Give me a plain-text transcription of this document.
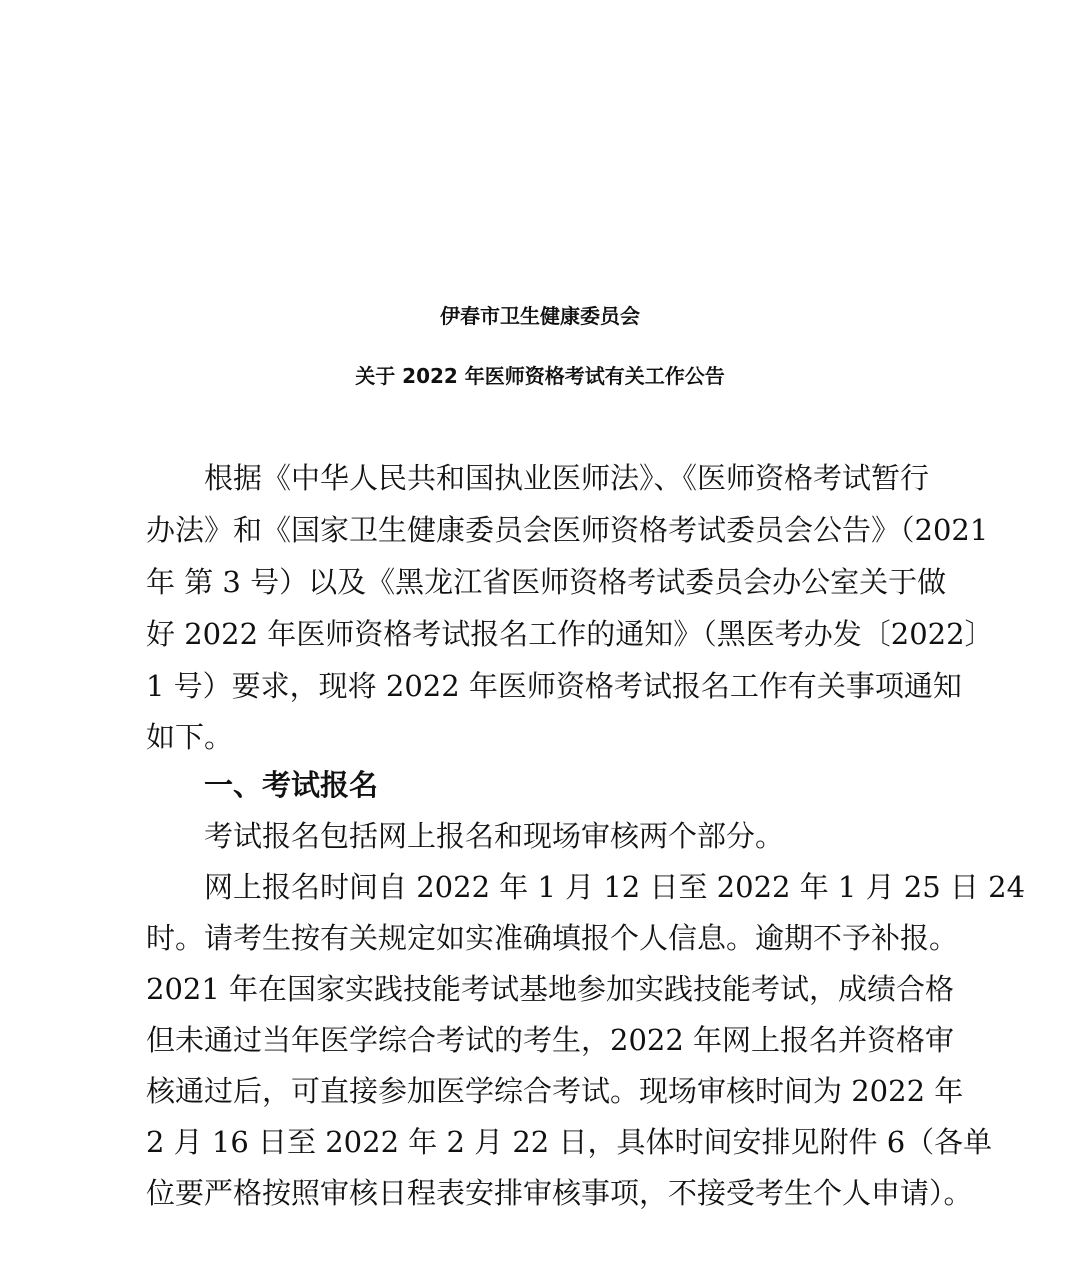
伊春市卫生健康委员会
关于 2022 年医师资格考试有关工作公告
根据《中华人民共和国执业医师法》、《医师资格考试暂行
办法》和《国家卫生健康委员会医师资格考试委员会公告》（2021
年 第 3 号）以及《黑龙江省医师资格考试委员会办公室关于做
好 2022 年医师资格考试报名工作的通知》（黑医考办发〔2022〕
1 号）要求，现将 2022 年医师资格考试报名工作有关事项通知
如下。
一、考试报名
考试报名包括网上报名和现场审核两个部分。
网上报名时间自 2022 年 1 月 12 日至 2022 年 1 月 25 日 24
时。请考生按有关规定如实准确填报个人信息。逾期不予补报。
2021 年在国家实践技能考试基地参加实践技能考试，成绩合格
但未通过当年医学综合考试的考生，2022 年网上报名并资格审
核通过后，可直接参加医学综合考试。现场审核时间为 2022 年
2 月 16 日至 2022 年 2 月 22 日，具体时间安排见附件 6（各单
位要严格按照审核日程表安排审核事项，不接受考生个人申请）。
